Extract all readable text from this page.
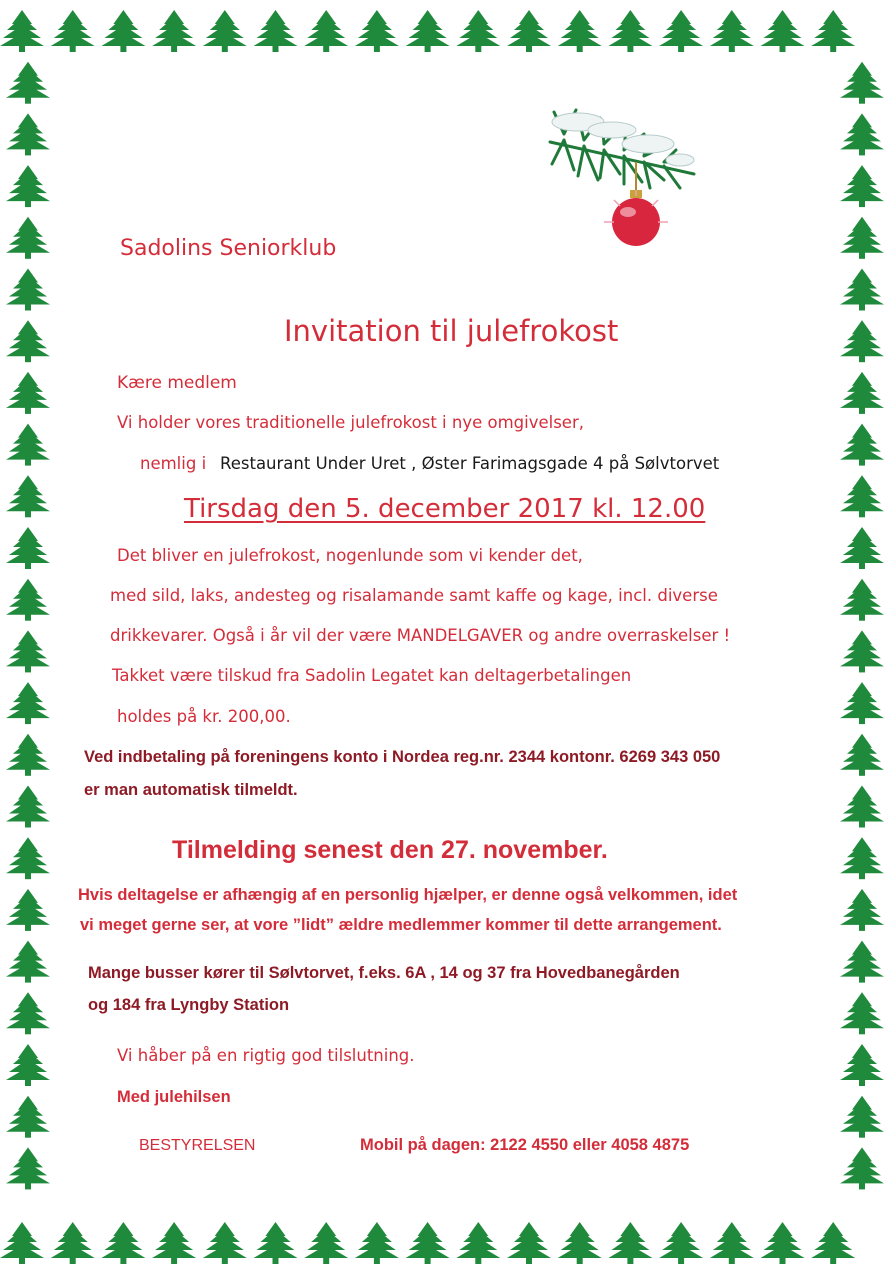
Sadolins Seniorklub
Invitation til julefrokost
Kære medlem
Vi holder vores traditionelle julefrokost i nye omgivelser,
nemlig i Restaurant Under Uret , Øster Farimagsgade 4 på Sølvtorvet
Tirsdag den 5. december 2017 kl. 12.00
Det bliver en julefrokost, nogenlunde som vi kender det,
med sild, laks, andesteg og risalamande samt kaffe og kage, incl. diverse
drikkevarer. Også i år vil der være MANDELGAVER og andre overraskelser !
Takket være tilskud fra Sadolin Legatet kan deltagerbetalingen
holdes på kr. 200,00.
Ved indbetaling på foreningens konto i Nordea reg.nr. 2344 kontonr. 6269 343 050
er man automatisk tilmeldt.
Tilmelding senest den 27. november.
Hvis deltagelse er afhængig af en personlig hjælper, er denne også velkommen, idet
vi meget gerne ser, at vore ”lidt” ældre medlemmer kommer til dette arrangement.
Mange busser kører til Sølvtorvet, f.eks. 6A , 14 og 37 fra Hovedbanegården
og 184 fra Lyngby Station
Vi håber på en rigtig god tilslutning.
Med julehilsen
BESTYRELSEN	Mobil på dagen: 2122 4550 eller 4058 4875
